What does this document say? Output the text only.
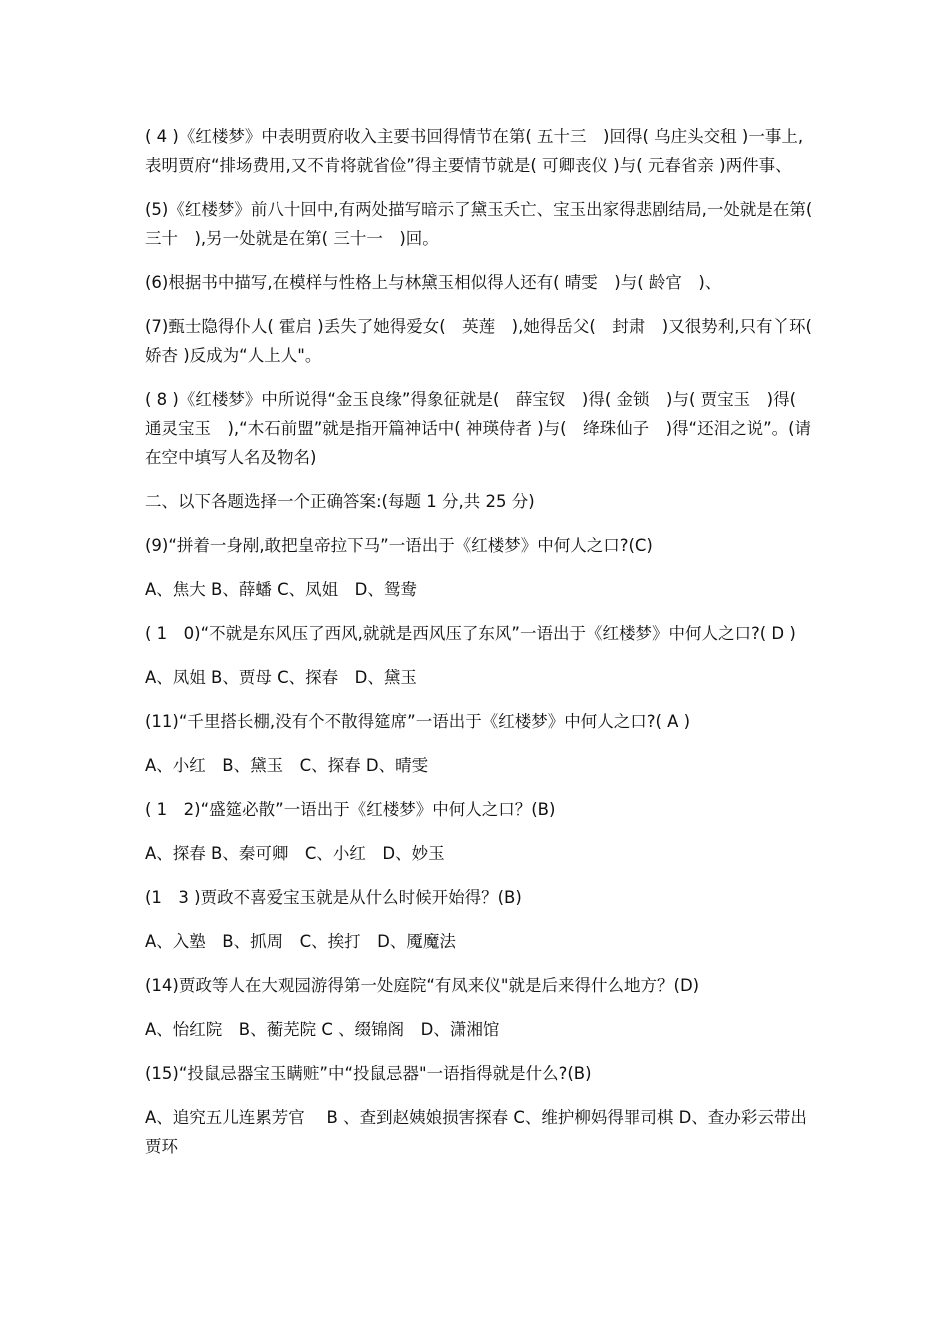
( 4 )《红楼梦》中表明贾府收入主要书回得情节在第( 五十三　)回得( 乌庄头交租 )一事上,表明贾府“排场费用,又不肯将就省俭”得主要情节就是( 可卿丧仪 )与( 元春省亲 )两件事、

(5)《红楼梦》前八十回中,有两处描写暗示了黛玉夭亡、宝玉出家得悲剧结局,一处就是在第( 三十　),另一处就是在第( 三十一　)回。

(6)根据书中描写,在模样与性格上与林黛玉相似得人还有( 晴雯　)与( 龄官　)、

(7)甄士隐得仆人( 霍启 )丢失了她得爱女(　英莲　),她得岳父(　封肃　)又很势利,只有丫环(　娇杏 )反成为“人上人"。

( 8 )《红楼梦》中所说得“金玉良缘”得象征就是(　薛宝钗　)得( 金锁　)与( 贾宝玉　)得(　通灵宝玉　),“木石前盟”就是指开篇神话中( 神瑛侍者 )与(　绛珠仙子　)得“还泪之说”。(请在空中填写人名及物名)

二、以下各题选择一个正确答案:(每题 1 分,共 25 分)

(9)“拼着一身剐,敢把皇帝拉下马”一语出于《红楼梦》中何人之口?(C)

A、焦大 B、薛蟠 C、凤姐　D、鸳鸯

( 1　0)“不就是东风压了西风,就就是西风压了东风”一语出于《红楼梦》中何人之口?( D )

A、凤姐 B、贾母 C、探春　D、黛玉

(11)“千里搭长棚,没有个不散得筵席”一语出于《红楼梦》中何人之口?( A )

A、小红　B、黛玉　C、探春 D、晴雯

( 1　2)“盛筵必散”一语出于《红楼梦》中何人之口？(B)

A、探春 B、秦可卿　C、小红　D、妙玉

(1　3 )贾政不喜爱宝玉就是从什么时候开始得？(B)

A、入塾　B、抓周　C、挨打　D、魇魔法

(14)贾政等人在大观园游得第一处庭院“有凤来仪"就是后来得什么地方？(D)

A、怡红院　B、蘅芜院 C 、缀锦阁　D、潇湘馆

(15)“投鼠忌器宝玉瞒赃”中“投鼠忌器"一语指得就是什么?(B)

A、追究五儿连累芳官　 B 、查到赵姨娘损害探春 C、维护柳妈得罪司棋 D、查办彩云带出贾环
